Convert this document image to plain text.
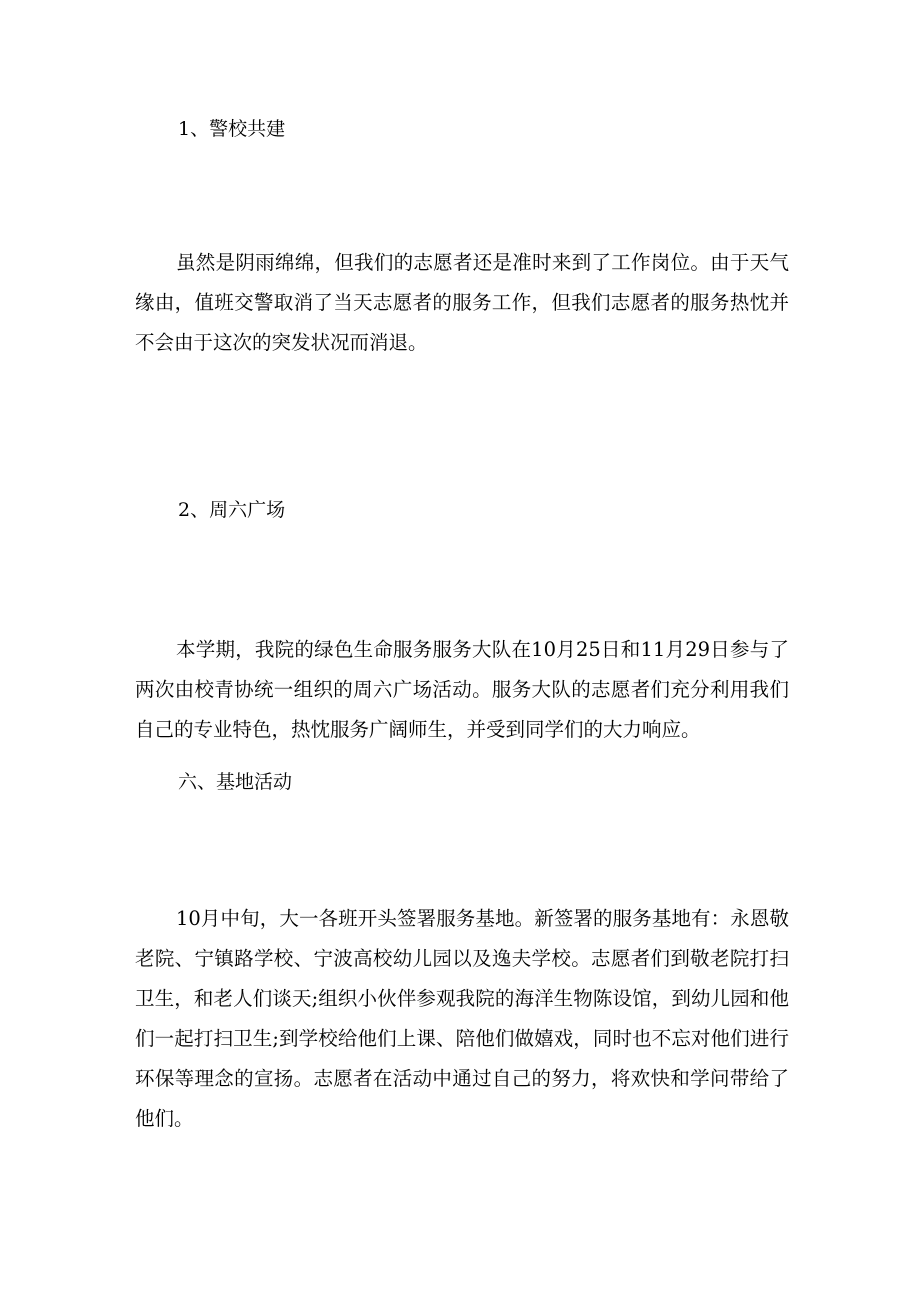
1、警校共建

虽然是阴雨绵绵，但我们的志愿者还是准时来到了工作岗位。由于天气缘由，值班交警取消了当天志愿者的服务工作，但我们志愿者的服务热忱并不会由于这次的突发状况而消退。

2、周六广场

本学期，我院的绿色生命服务服务大队在10月25日和11月29日参与了两次由校青协统一组织的周六广场活动。服务大队的志愿者们充分利用我们自己的专业特色，热忱服务广阔师生，并受到同学们的大力响应。

六、基地活动

10月中旬，大一各班开头签署服务基地。新签署的服务基地有：永恩敬老院、宁镇路学校、宁波高校幼儿园以及逸夫学校。志愿者们到敬老院打扫卫生，和老人们谈天;组织小伙伴参观我院的海洋生物陈设馆，到幼儿园和他们一起打扫卫生;到学校给他们上课、陪他们做嬉戏，同时也不忘对他们进行环保等理念的宣扬。志愿者在活动中通过自己的努力，将欢快和学问带给了他们。
